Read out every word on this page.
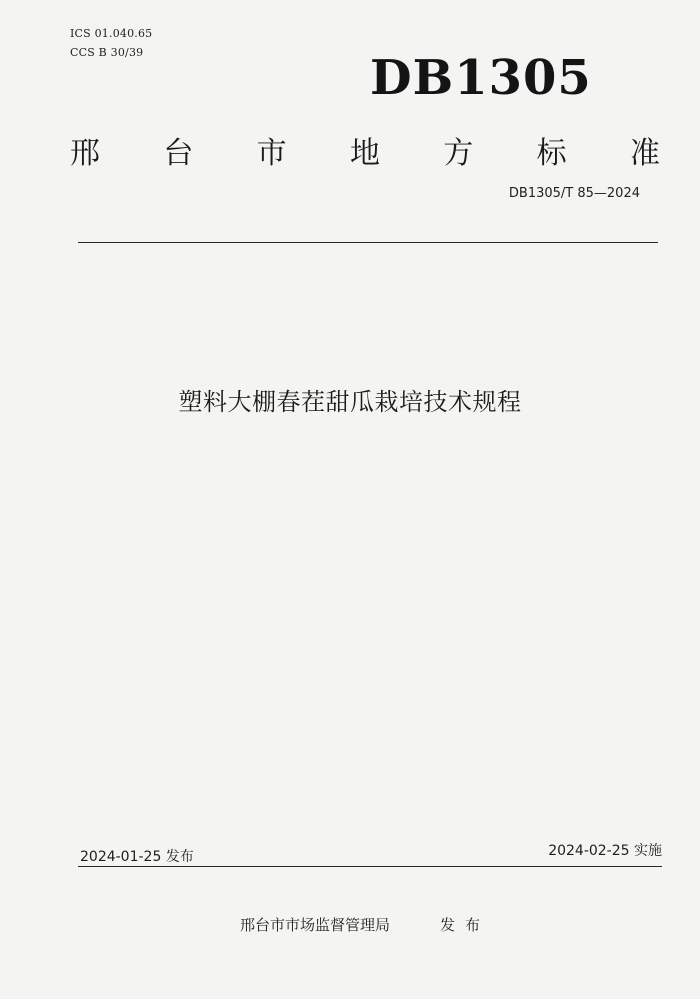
ICS 01.040.65
CCS B 30/39	DB1305
邢 台 市 地 方 标 准
DB1305/T 85—2024
塑料大棚春茬甜瓜栽培技术规程
2024-01-25 发布	2024-02-25 实施
邢台市市场监督管理局	发布
